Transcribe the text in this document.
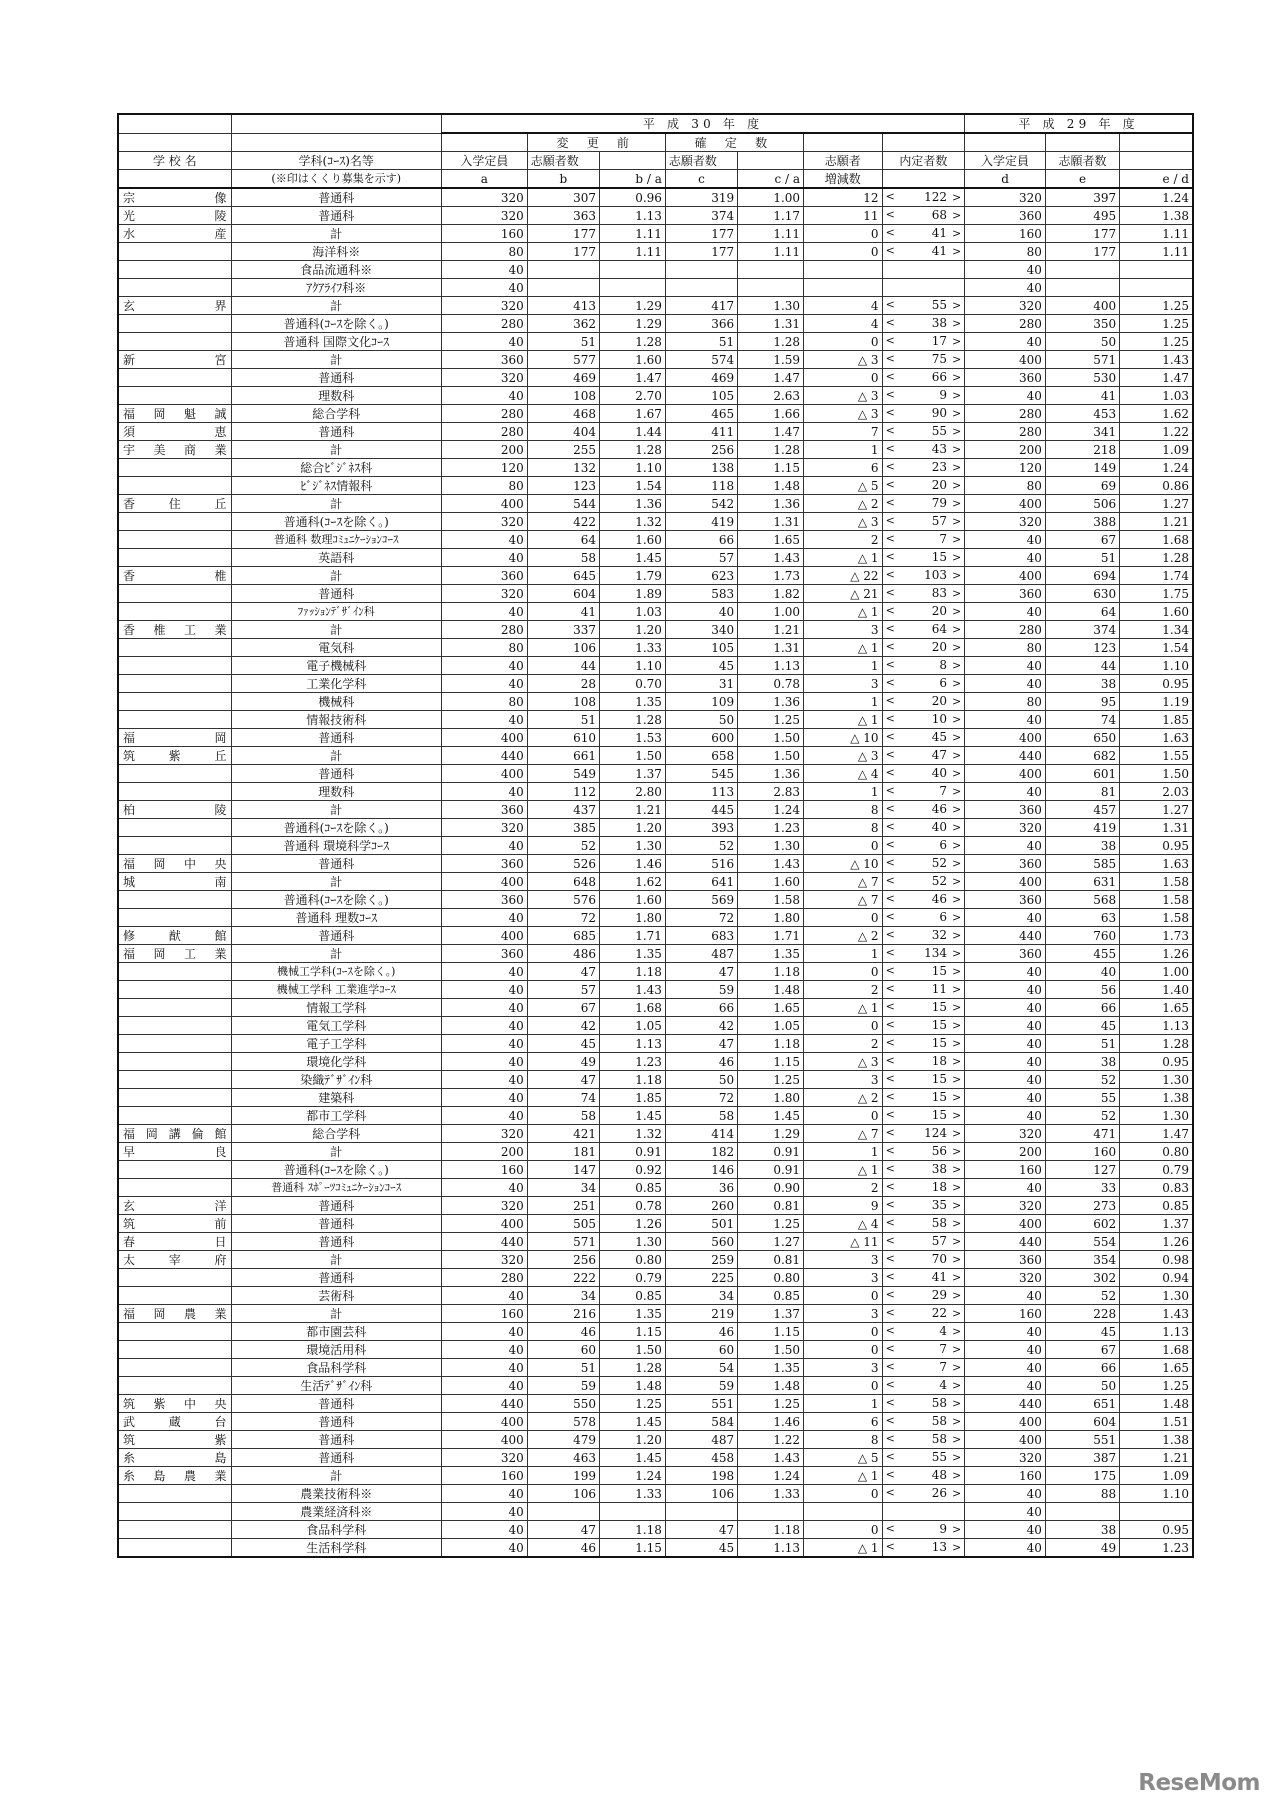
		平 成 30 年 度							平 成 29 年 度		
			変 更 前		確 定 数						
学 校 名	学科(ｺｰｽ)名等	入学定員	志願者数		志願者数		志願者	内定者数	入学定員	志願者数	
	(※印はくくり募集を示す)	a	b	b / a	c	c / a	増減数		d	e	e / d

宗像	普通科	320	307	0.96	319	1.00	12	< 122 >	320	397	1.24

光陵	普通科	320	363	1.13	374	1.17	11	< 68 >	360	495	1.38

水産	計	160	177	1.11	177	1.11	0	< 41 >	160	177	1.11

	海洋科※	80	177	1.11	177	1.11	0	< 41 >	80	177	1.11

	食品流通科※	40							40		

	ｱｸｱﾗｲﾌ科※	40							40		

玄界	計	320	413	1.29	417	1.30	4	< 55 >	320	400	1.25

	普通科(ｺｰｽを除く。)	280	362	1.29	366	1.31	4	< 38 >	280	350	1.25

	普通科 国際文化ｺｰｽ	40	51	1.28	51	1.28	0	< 17 >	40	50	1.25

新宮	計	360	577	1.60	574	1.59	△ 3	< 75 >	400	571	1.43

	普通科	320	469	1.47	469	1.47	0	< 66 >	360	530	1.47

	理数科	40	108	2.70	105	2.63	△ 3	< 9 >	40	41	1.03

福岡魁誠	総合学科	280	468	1.67	465	1.66	△ 3	< 90 >	280	453	1.62

須恵	普通科	280	404	1.44	411	1.47	7	< 55 >	280	341	1.22

宇美商業	計	200	255	1.28	256	1.28	1	< 43 >	200	218	1.09

	総合ﾋﾞｼﾞﾈｽ科	120	132	1.10	138	1.15	6	< 23 >	120	149	1.24

	ﾋﾞｼﾞﾈｽ情報科	80	123	1.54	118	1.48	△ 5	< 20 >	80	69	0.86

香住丘	計	400	544	1.36	542	1.36	△ 2	< 79 >	400	506	1.27

	普通科(ｺｰｽを除く。)	320	422	1.32	419	1.31	△ 3	< 57 >	320	388	1.21

	普通科 数理ｺﾐｭﾆｹｰｼｮﾝｺｰｽ	40	64	1.60	66	1.65	2	< 7 >	40	67	1.68

	英語科	40	58	1.45	57	1.43	△ 1	< 15 >	40	51	1.28

香椎	計	360	645	1.79	623	1.73	△ 22	< 103 >	400	694	1.74

	普通科	320	604	1.89	583	1.82	△ 21	< 83 >	360	630	1.75

	ﾌｧｯｼｮﾝﾃﾞｻﾞｲﾝ科	40	41	1.03	40	1.00	△ 1	< 20 >	40	64	1.60

香椎工業	計	280	337	1.20	340	1.21	3	< 64 >	280	374	1.34

	電気科	80	106	1.33	105	1.31	△ 1	< 20 >	80	123	1.54

	電子機械科	40	44	1.10	45	1.13	1	< 8 >	40	44	1.10

	工業化学科	40	28	0.70	31	0.78	3	< 6 >	40	38	0.95

	機械科	80	108	1.35	109	1.36	1	< 20 >	80	95	1.19

	情報技術科	40	51	1.28	50	1.25	△ 1	< 10 >	40	74	1.85

福岡	普通科	400	610	1.53	600	1.50	△ 10	< 45 >	400	650	1.63

筑紫丘	計	440	661	1.50	658	1.50	△ 3	< 47 >	440	682	1.55

	普通科	400	549	1.37	545	1.36	△ 4	< 40 >	400	601	1.50

	理数科	40	112	2.80	113	2.83	1	< 7 >	40	81	2.03

柏陵	計	360	437	1.21	445	1.24	8	< 46 >	360	457	1.27

	普通科(ｺｰｽを除く。)	320	385	1.20	393	1.23	8	< 40 >	320	419	1.31

	普通科 環境科学ｺｰｽ	40	52	1.30	52	1.30	0	< 6 >	40	38	0.95

福岡中央	普通科	360	526	1.46	516	1.43	△ 10	< 52 >	360	585	1.63

城南	計	400	648	1.62	641	1.60	△ 7	< 52 >	400	631	1.58

	普通科(ｺｰｽを除く。)	360	576	1.60	569	1.58	△ 7	< 46 >	360	568	1.58

	普通科 理数ｺｰｽ	40	72	1.80	72	1.80	0	< 6 >	40	63	1.58

修猷館	普通科	400	685	1.71	683	1.71	△ 2	< 32 >	440	760	1.73

福岡工業	計	360	486	1.35	487	1.35	1	< 134 >	360	455	1.26

	機械工学科(ｺｰｽを除く。)	40	47	1.18	47	1.18	0	< 15 >	40	40	1.00

	機械工学科 工業進学ｺｰｽ	40	57	1.43	59	1.48	2	< 11 >	40	56	1.40

	情報工学科	40	67	1.68	66	1.65	△ 1	< 15 >	40	66	1.65

	電気工学科	40	42	1.05	42	1.05	0	< 15 >	40	45	1.13

	電子工学科	40	45	1.13	47	1.18	2	< 15 >	40	51	1.28

	環境化学科	40	49	1.23	46	1.15	△ 3	< 18 >	40	38	0.95

	染織ﾃﾞｻﾞｲﾝ科	40	47	1.18	50	1.25	3	< 15 >	40	52	1.30

	建築科	40	74	1.85	72	1.80	△ 2	< 15 >	40	55	1.38

	都市工学科	40	58	1.45	58	1.45	0	< 15 >	40	52	1.30

福岡講倫館	総合学科	320	421	1.32	414	1.29	△ 7	< 124 >	320	471	1.47

早良	計	200	181	0.91	182	0.91	1	< 56 >	200	160	0.80

	普通科(ｺｰｽを除く。)	160	147	0.92	146	0.91	△ 1	< 38 >	160	127	0.79

	普通科 ｽﾎﾟｰﾂｺﾐｭﾆｹｰｼｮﾝｺｰｽ	40	34	0.85	36	0.90	2	< 18 >	40	33	0.83

玄洋	普通科	320	251	0.78	260	0.81	9	< 35 >	320	273	0.85

筑前	普通科	400	505	1.26	501	1.25	△ 4	< 58 >	400	602	1.37

春日	普通科	440	571	1.30	560	1.27	△ 11	< 57 >	440	554	1.26

太宰府	計	320	256	0.80	259	0.81	3	< 70 >	360	354	0.98

	普通科	280	222	0.79	225	0.80	3	< 41 >	320	302	0.94

	芸術科	40	34	0.85	34	0.85	0	< 29 >	40	52	1.30

福岡農業	計	160	216	1.35	219	1.37	3	< 22 >	160	228	1.43

	都市園芸科	40	46	1.15	46	1.15	0	< 4 >	40	45	1.13

	環境活用科	40	60	1.50	60	1.50	0	< 7 >	40	67	1.68

	食品科学科	40	51	1.28	54	1.35	3	< 7 >	40	66	1.65

	生活ﾃﾞｻﾞｲﾝ科	40	59	1.48	59	1.48	0	< 4 >	40	50	1.25

筑紫中央	普通科	440	550	1.25	551	1.25	1	< 58 >	440	651	1.48

武蔵台	普通科	400	578	1.45	584	1.46	6	< 58 >	400	604	1.51

筑紫	普通科	400	479	1.20	487	1.22	8	< 58 >	400	551	1.38

糸島	普通科	320	463	1.45	458	1.43	△ 5	< 55 >	320	387	1.21

糸島農業	計	160	199	1.24	198	1.24	△ 1	< 48 >	160	175	1.09

	農業技術科※	40	106	1.33	106	1.33	0	< 26 >	40	88	1.10

	農業経済科※	40							40		

	食品科学科	40	47	1.18	47	1.18	0	< 9 >	40	38	0.95

	生活科学科	40	46	1.15	45	1.13	△ 1	< 13 >	40	49	1.23
ReseMom
